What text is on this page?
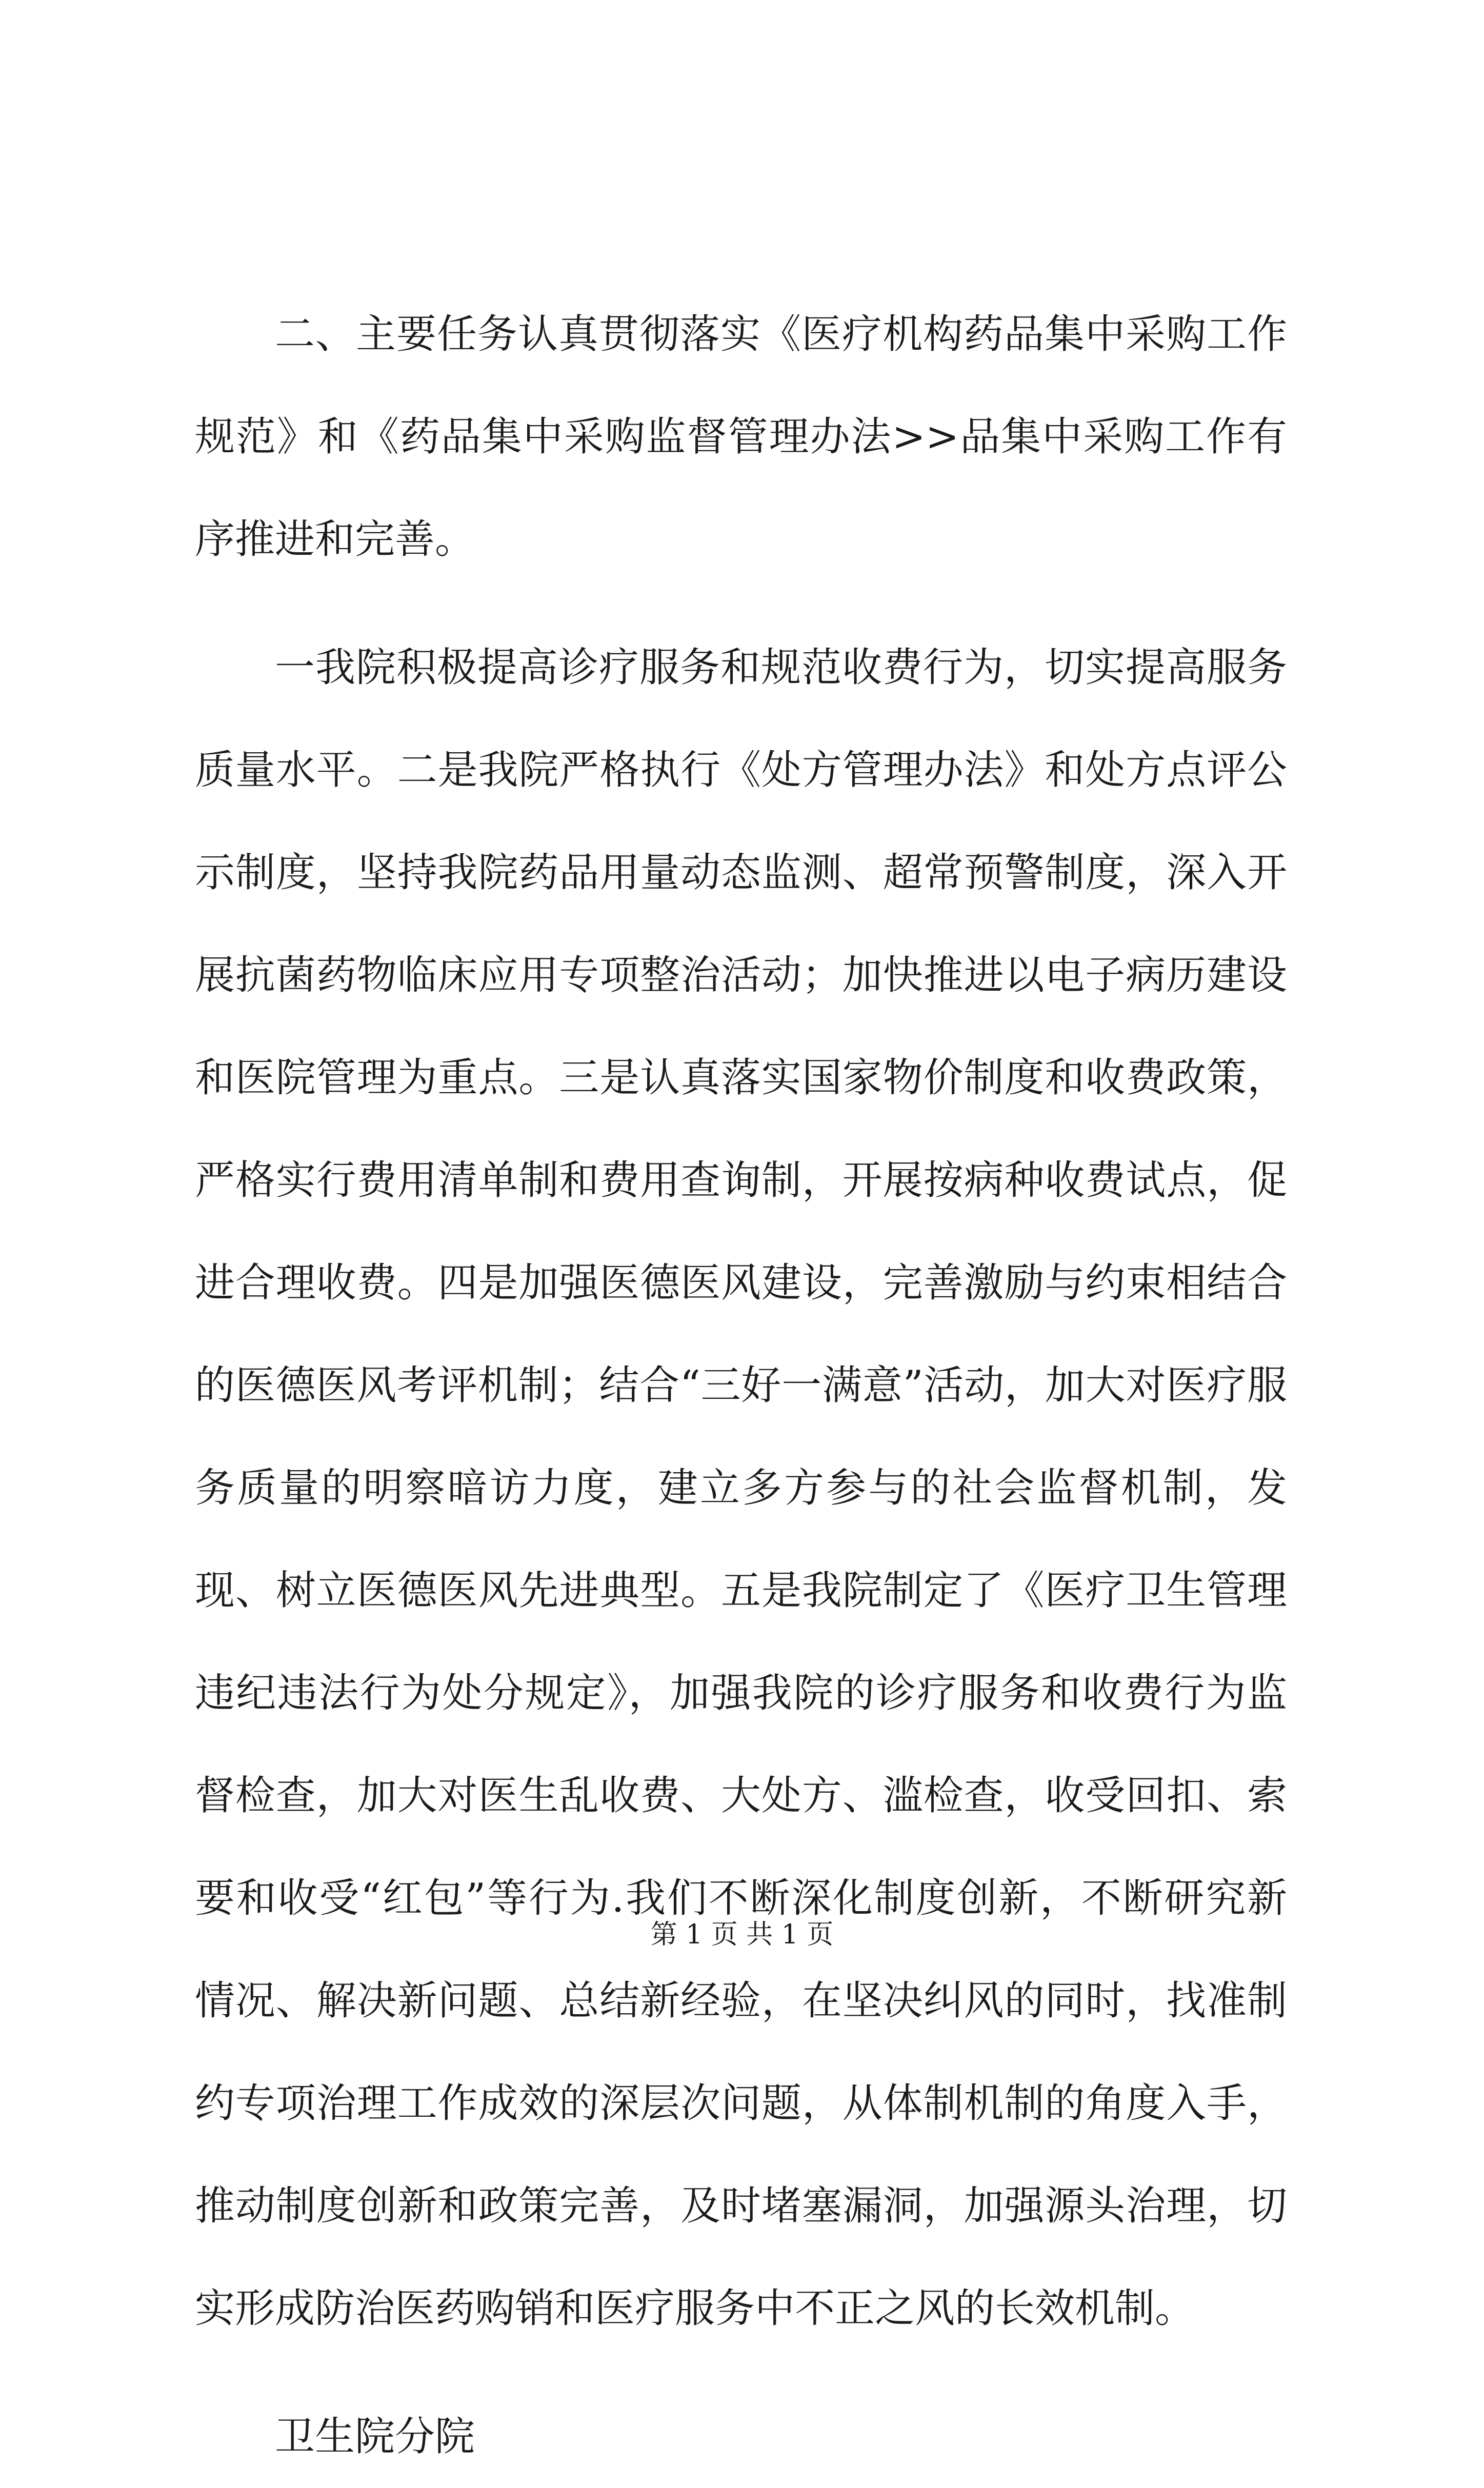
二、主要任务认真贯彻落实《医疗机构药品集中采购工作规范》和《药品集中采购监督管理办法>>品集中采购工作有序推进和完善。

一我院积极提高诊疗服务和规范收费行为，切实提高服务质量水平。二是我院严格执行《处方管理办法》和处方点评公示制度，坚持我院药品用量动态监测、超常预警制度，深入开展抗菌药物临床应用专项整治活动；加快推进以电子病历建设和医院管理为重点。三是认真落实国家物价制度和收费政策，严格实行费用清单制和费用查询制，开展按病种收费试点，促进合理收费。四是加强医德医风建设，完善激励与约束相结合的医德医风考评机制；结合“三好一满意”活动，加大对医疗服务质量的明察暗访力度，建立多方参与的社会监督机制，发现、树立医德医风先进典型。五是我院制定了《医疗卫生管理违纪违法行为处分规定》，加强我院的诊疗服务和收费行为监督检查，加大对医生乱收费、大处方、滥检查，收受回扣、索要和收受“红包”等行为.我们不断深化制度创新，不断研究新情况、解决新问题、总结新经验，在坚决纠风的同时，找准制约专项治理工作成效的深层次问题，从体制机制的角度入手，推动制度创新和政策完善，及时堵塞漏洞，加强源头治理，切实形成防治医药购销和医疗服务中不正之风的长效机制。

卫生院分院

第 1 页 共 1 页
